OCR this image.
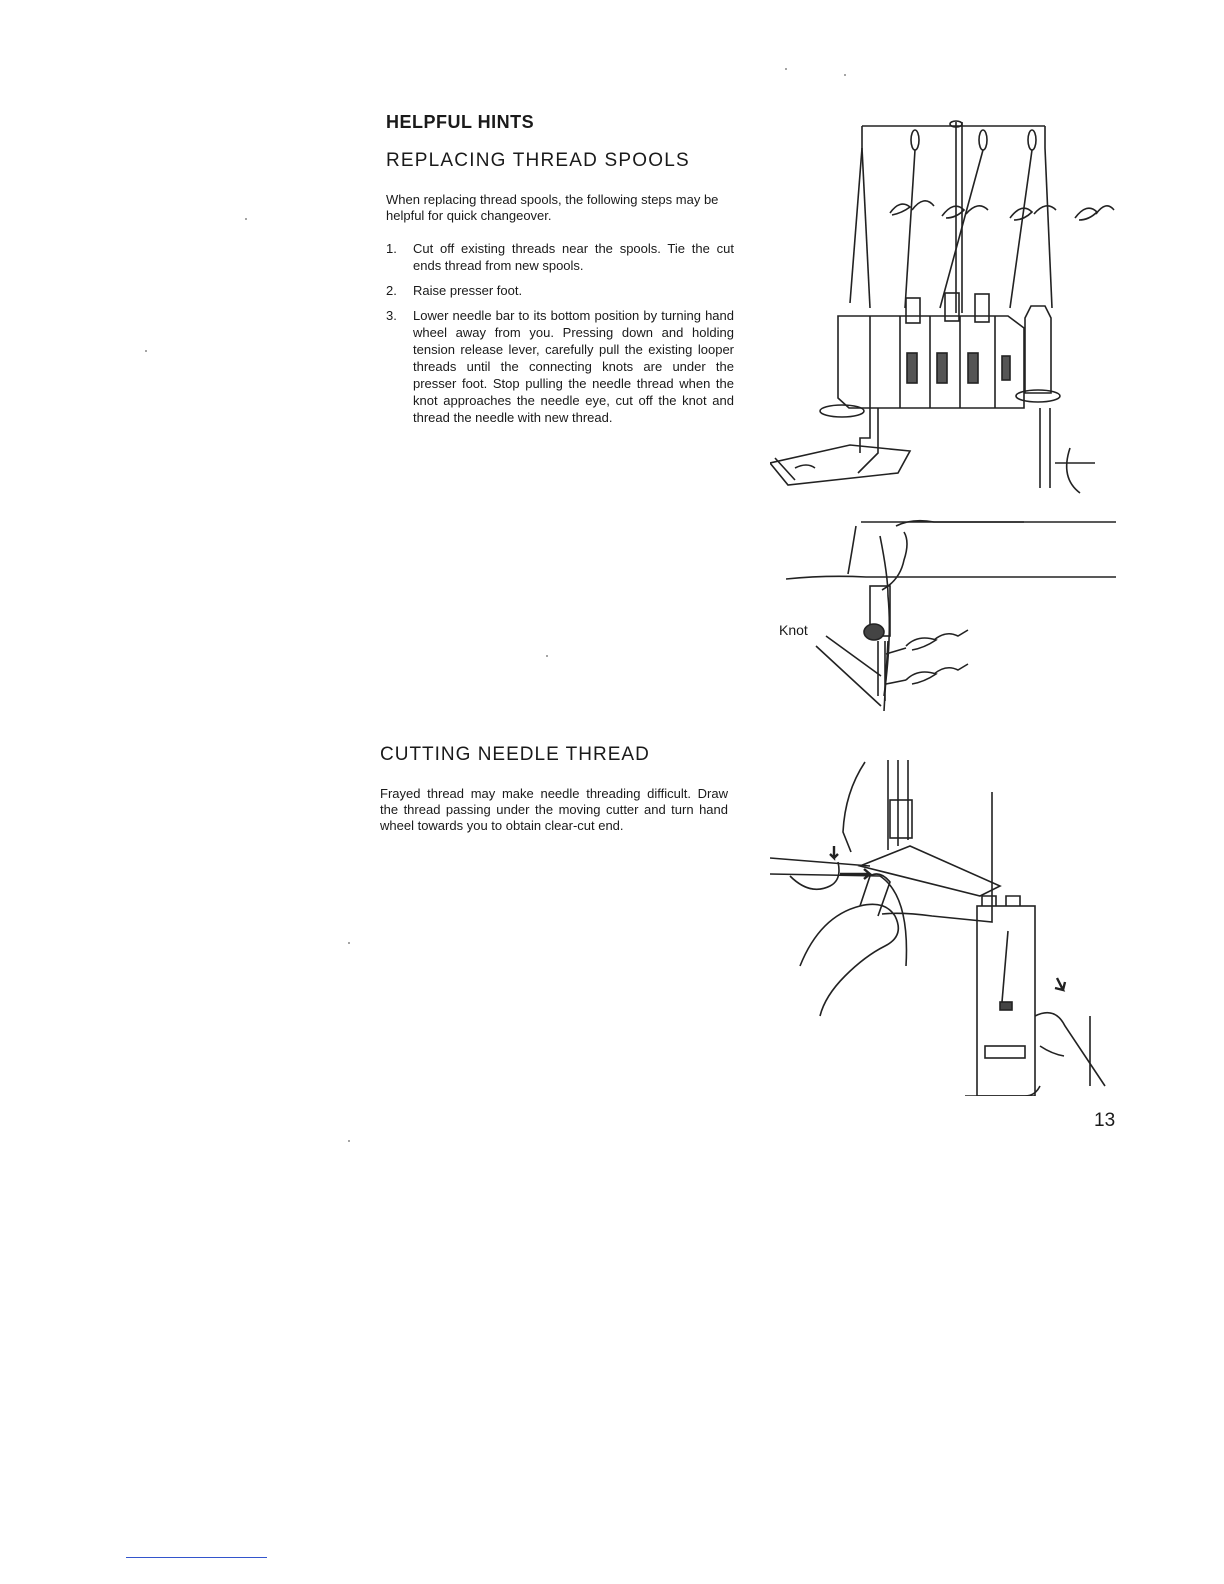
HELPFUL HINTS
REPLACING THREAD SPOOLS

When replacing thread spools, the following steps may be helpful for quick changeover.

1. Cut off existing threads near the spools. Tie the cut ends thread from new spools.
2. Raise presser foot.
3. Lower needle bar to its bottom position by turning hand wheel away from you. Pressing down and holding tension release lever, carefully pull the existing looper threads until the connecting knots are under the presser foot. Stop pulling the needle thread when the knot approaches the needle eye, cut off the knot and thread the needle with new thread.
CUTTING NEEDLE THREAD

Frayed thread may make needle threading difficult. Draw the thread passing under the moving cutter and turn hand wheel towards you to obtain clear-cut end.

Knot
13
